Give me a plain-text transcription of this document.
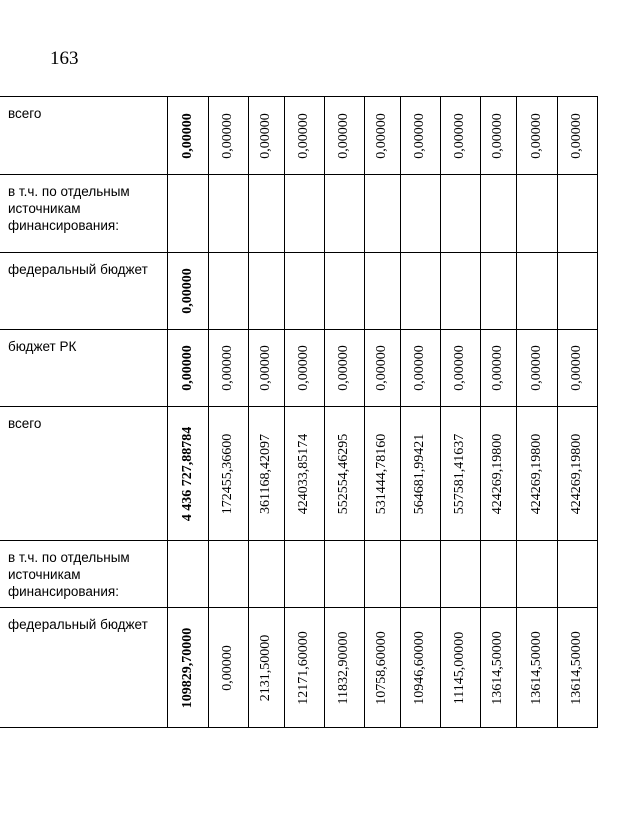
163
всего	0,00000	0,00000	0,00000	0,00000	0,00000	0,00000	0,00000	0,00000	0,00000	0,00000	0,00000

в т.ч. по отдельным источникам финансирования:	

федеральный бюджет	0,00000										

бюджет РК	0,00000	0,00000	0,00000	0,00000	0,00000	0,00000	0,00000	0,00000	0,00000	0,00000	0,00000

всего	4 436 727,88784	172455,36600	361168,42097	424033,85174	552554,46295	531444,78160	564681,99421	557581,41637	424269,19800	424269,19800	424269,19800

в т.ч. по отдельным источникам финансирования:	

федеральный бюджет	109829,70000	0,00000	2131,50000	12171,60000	11832,90000	10758,60000	10946,60000	11145,00000	13614,50000	13614,50000	13614,50000
